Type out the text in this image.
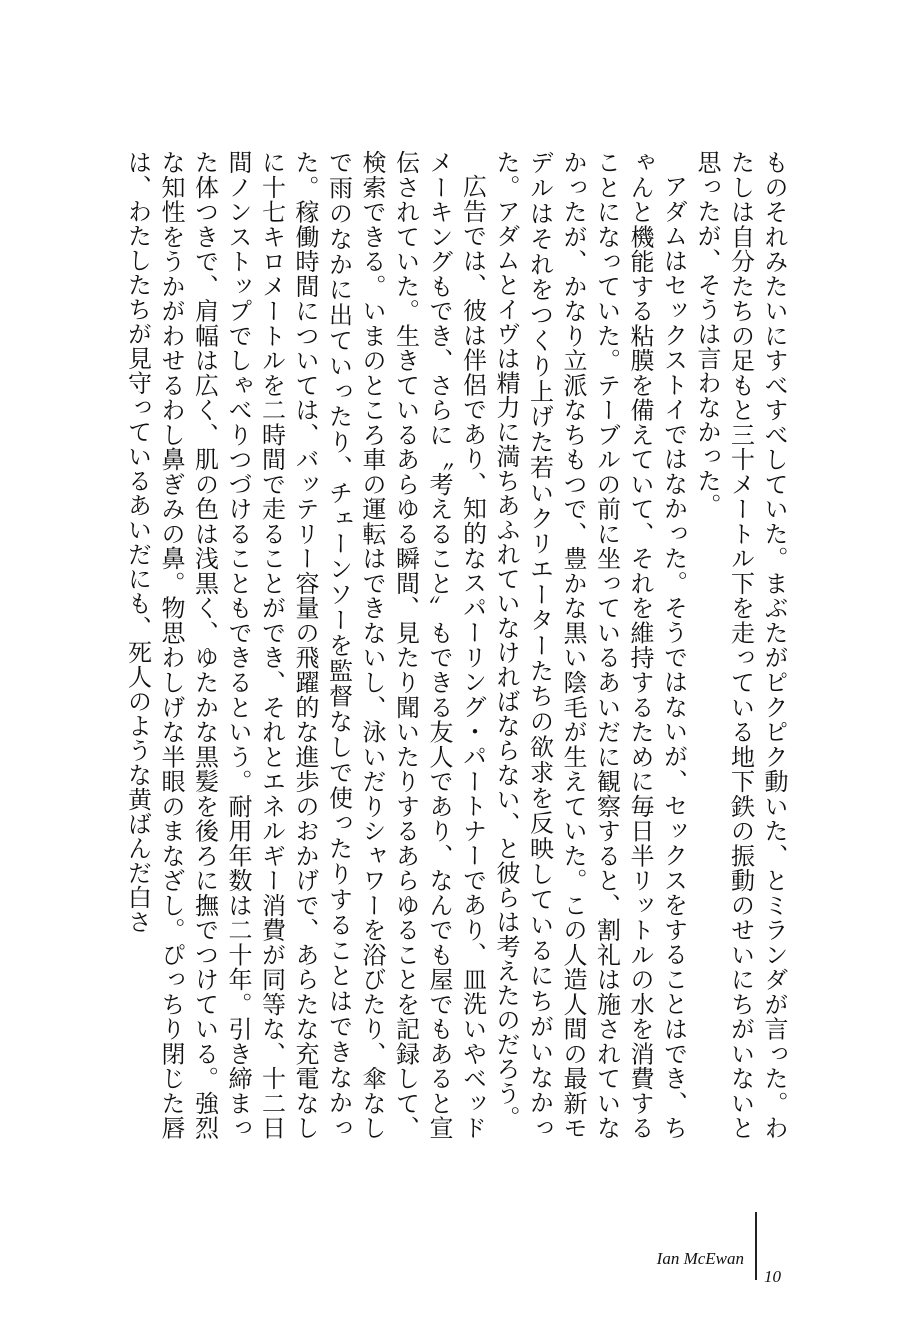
ものそれみたいにすべすべしていた。まぶたがピクピク動いた、とミランダが言った。わたしは自分たちの足もと三十メートル下を走っている地下鉄の振動のせいにちがいないと思ったが、そうは言わなかった。

アダムはセックストイではなかった。そうではないが、セックスをすることはでき、ちゃんと機能する粘膜を備えていて、それを維持するために毎日半リットルの水を消費することになっていた。テーブルの前に坐っているあいだに観察すると、割礼は施されていなかったが、かなり立派なちもつで、豊かな黒い陰毛が生えていた。この人造人間の最新モデルはそれをつくり上げた若いクリエーターたちの欲求を反映しているにちがいなかった。アダムとイヴは精力に満ちあふれていなければならない、と彼らは考えたのだろう。

広告では、彼は伴侶であり、知的なスパーリング・パートナーであり、皿洗いやベッドメーキングもでき、さらに〝考えること〟もできる友人であり、なんでも屋でもあると宣伝されていた。生きているあらゆる瞬間、見たり聞いたりするあらゆることを記録して、検索できる。いまのところ車の運転はできないし、泳いだりシャワーを浴びたり、傘なしで雨のなかに出ていったり、チェーンソーを監督なしで使ったりすることはできなかった。稼働時間については、バッテリー容量の飛躍的な進歩のおかげで、あらたな充電なしに十七キロメートルを二時間で走ることができ、それとエネルギー消費が同等な、十二日間ノンストップでしゃべりつづけることもできるという。耐用年数は二十年。引き締まった体つきで、肩幅は広く、肌の色は浅黒く、ゆたかな黒髪を後ろに撫でつけている。強烈な知性をうかがわせるわし鼻ぎみの鼻。物思わしげな半眼のまなざし。ぴっちり閉じた唇は、わたしたちが見守っているあいだにも、死人のような黄ばんだ白さ

Ian McEwan
10
